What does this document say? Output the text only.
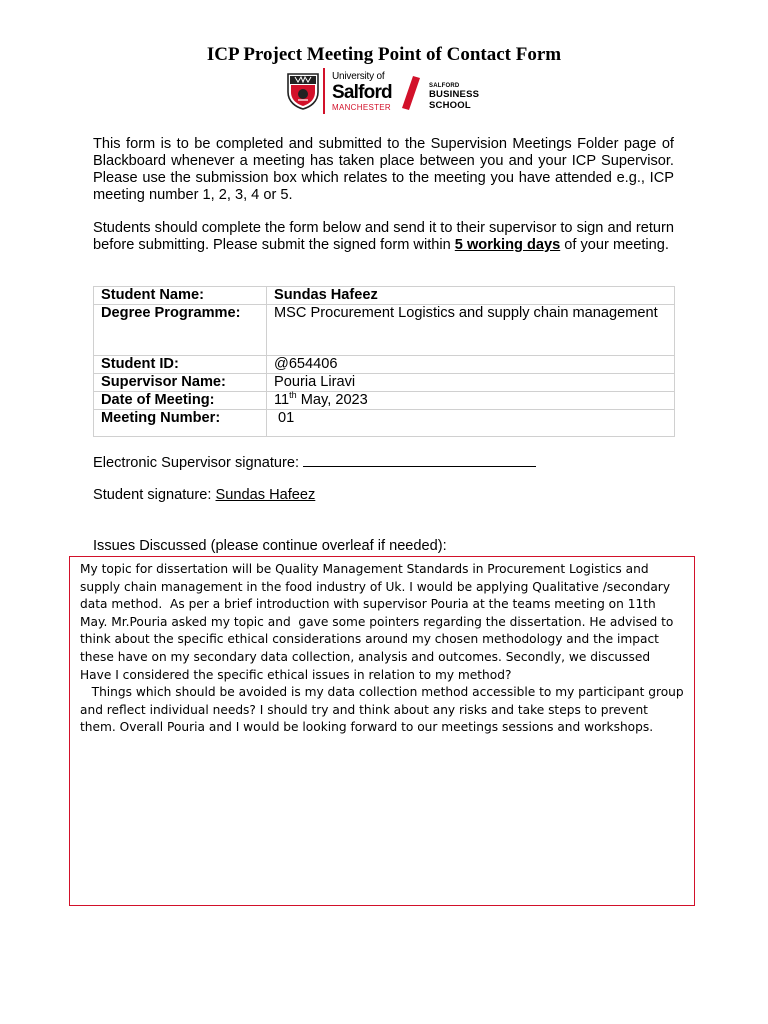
ICP Project Meeting Point of Contact Form
University of
Salford
MANCHESTER
SALFORD
BUSINESS
SCHOOL
This form is to be completed and submitted to the Supervision Meetings Folder page of Blackboard whenever a meeting has taken place between you and your ICP Supervisor. Please use the submission box which relates to the meeting you have attended e.g., ICP meeting number 1, 2, 3, 4 or 5.
Students should complete the form below and send it to their supervisor to sign and return before submitting. Please submit the signed form within 5 working days of your meeting.
Student Name:	Sundas Hafeez
Degree Programme:	MSC Procurement Logistics and supply chain management
Student ID:	@654406
Supervisor Name:	Pouria Liravi
Date of Meeting:	11th May, 2023
Meeting Number:	01
Electronic Supervisor signature:
Student signature: Sundas Hafeez
Issues Discussed (please continue overleaf if needed):
My topic for dissertation will be Quality Management Standards in Procurement Logistics and supply chain management in the food industry of Uk. I would be applying Qualitative /secondary data method.  As per a brief introduction with supervisor Pouria at the teams meeting on 11th May. Mr.Pouria asked my topic and  gave some pointers regarding the dissertation. He advised to think about the specific ethical considerations around my chosen methodology and the impact these have on my secondary data collection, analysis and outcomes. Secondly, we discussed   Have I considered the specific ethical issues in relation to my method?
Things which should be avoided is my data collection method accessible to my participant group and reflect individual needs? I should try and think about any risks and take steps to prevent them. Overall Pouria and I would be looking forward to our meetings sessions and workshops.
